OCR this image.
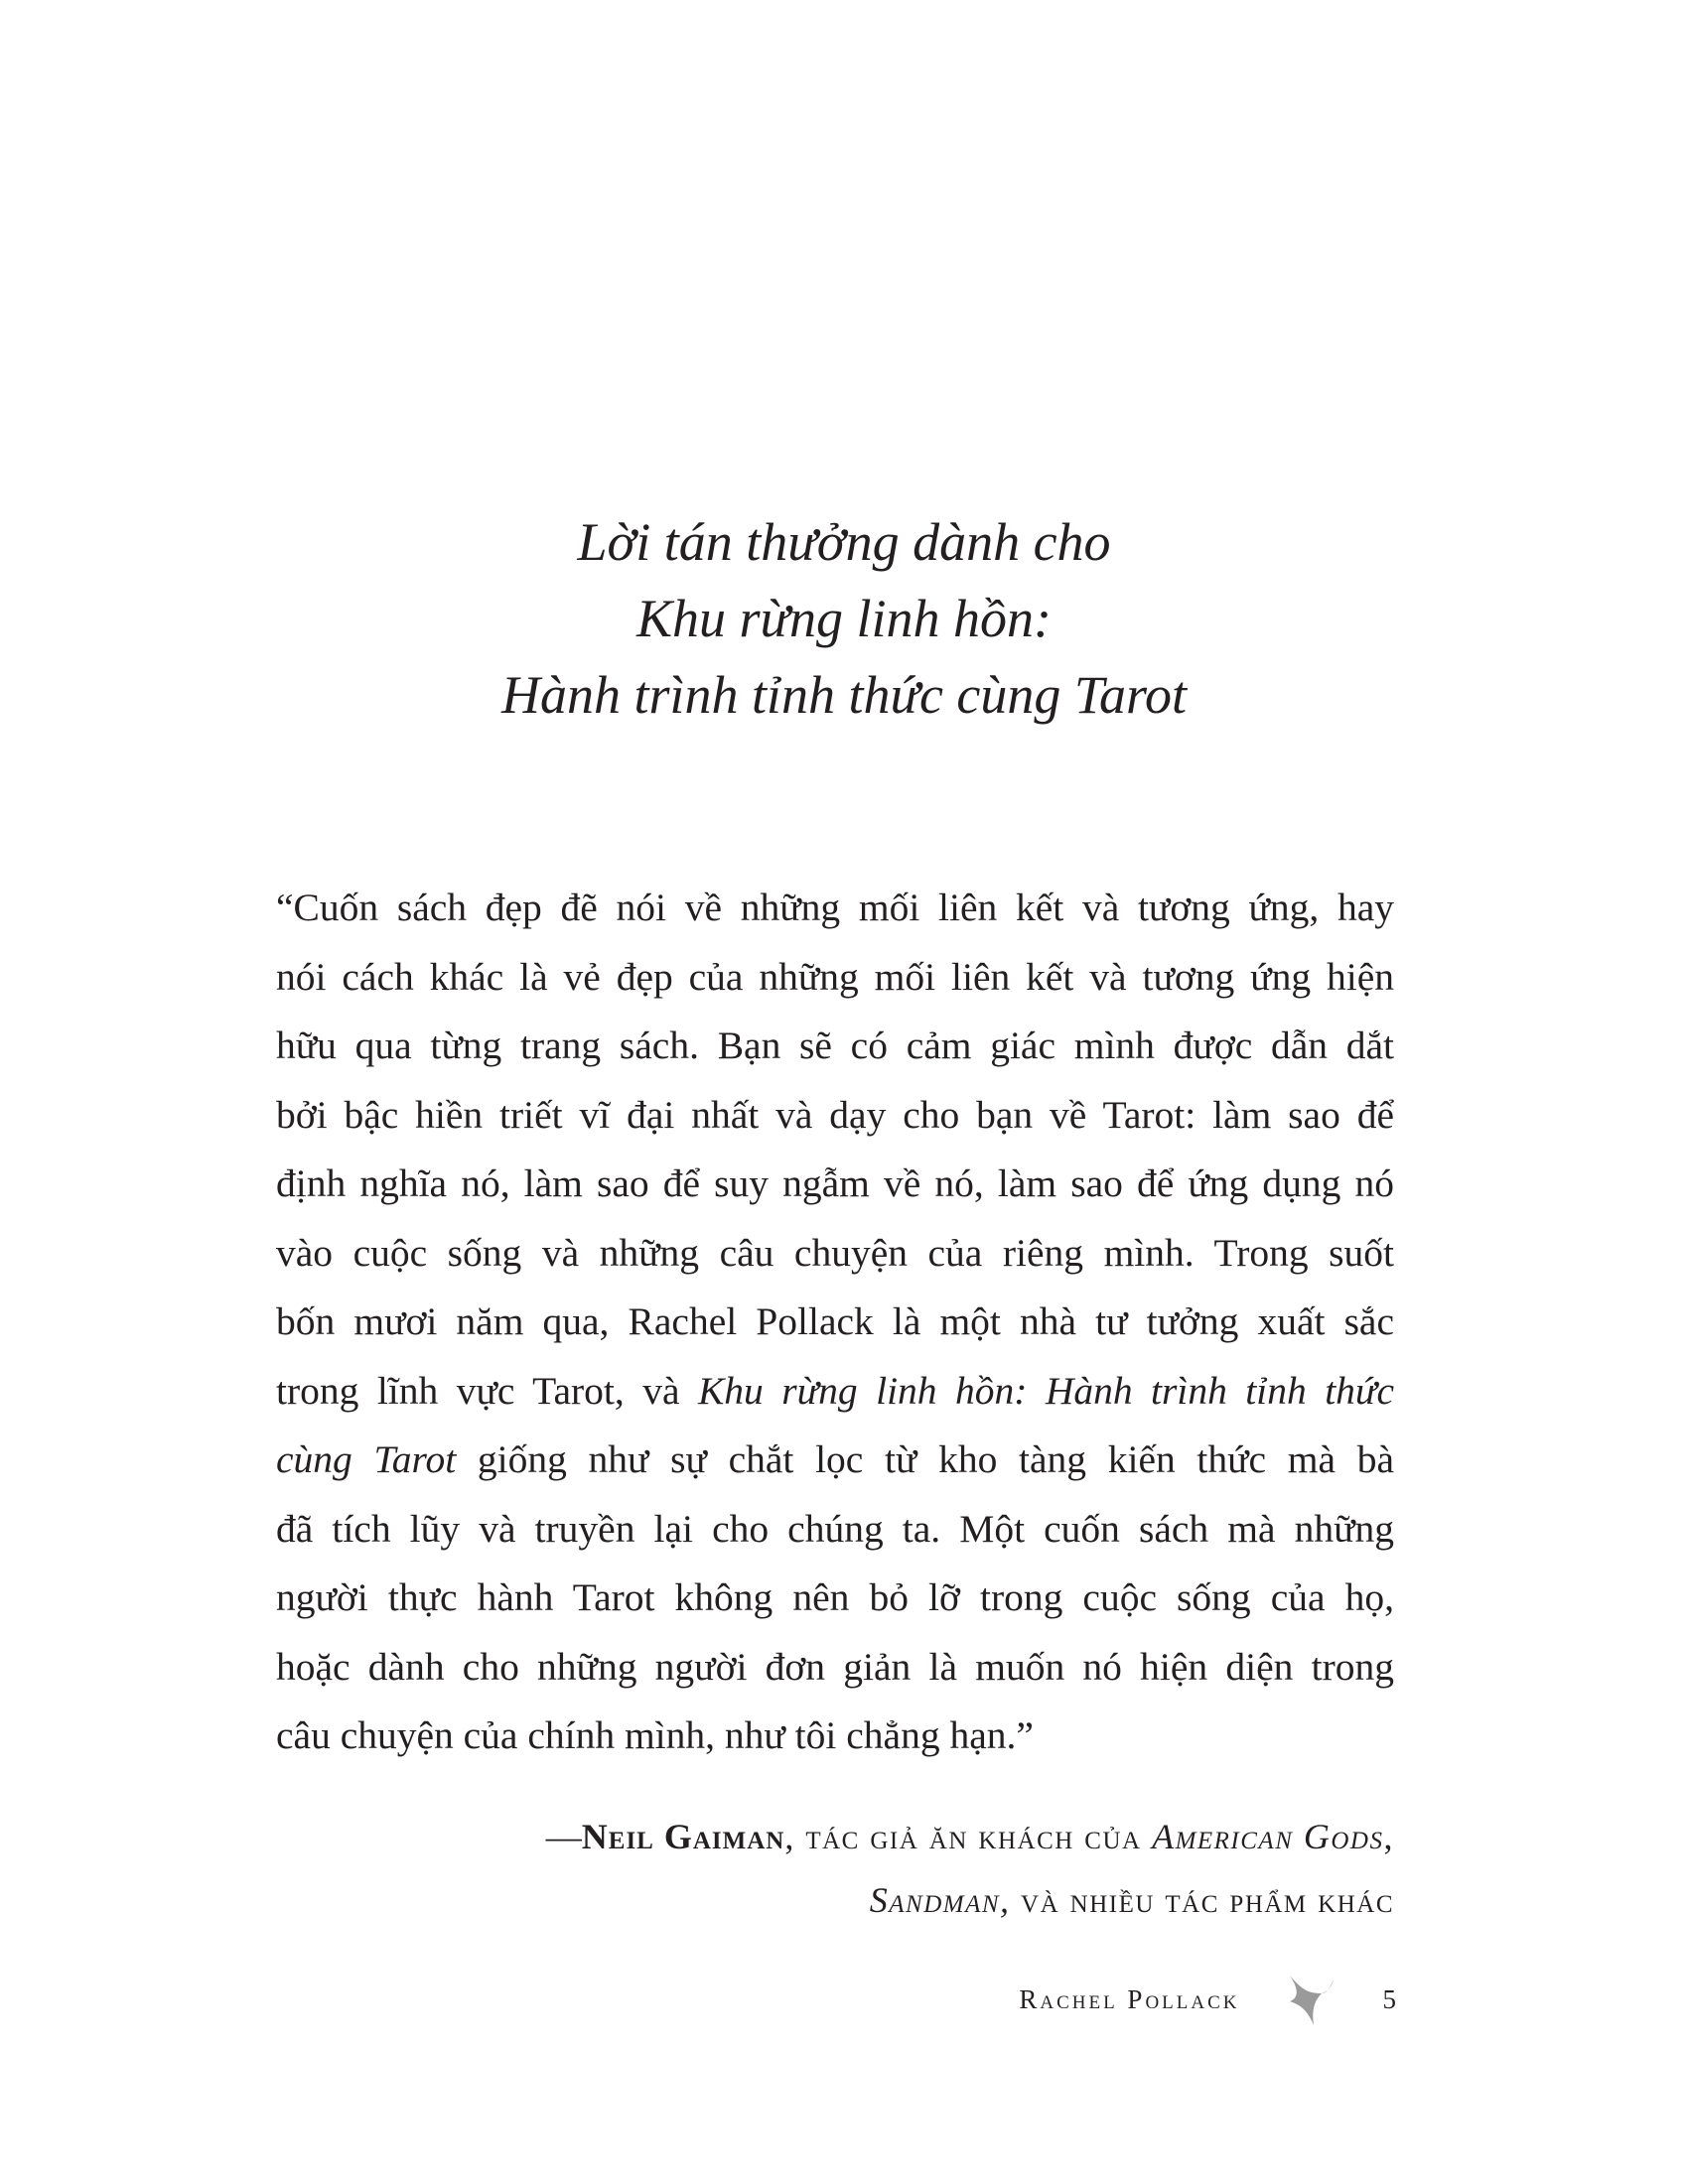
Lời tán thưởng dành cho
Khu rừng linh hồn:
Hành trình tỉnh thức cùng Tarot
“Cuốn sách đẹp đẽ nói về những mối liên kết và tương ứng, hay
nói cách khác là vẻ đẹp của những mối liên kết và tương ứng hiện
hữu qua từng trang sách. Bạn sẽ có cảm giác mình được dẫn dắt
bởi bậc hiền triết vĩ đại nhất và dạy cho bạn về Tarot: làm sao để
định nghĩa nó, làm sao để suy ngẫm về nó, làm sao để ứng dụng nó
vào cuộc sống và những câu chuyện của riêng mình. Trong suốt
bốn mươi năm qua, Rachel Pollack là một nhà tư tưởng xuất sắc
trong lĩnh vực Tarot, và Khu rừng linh hồn: Hành trình tỉnh thức
cùng Tarot giống như sự chắt lọc từ kho tàng kiến thức mà bà
đã tích lũy và truyền lại cho chúng ta. Một cuốn sách mà những
người thực hành Tarot không nên bỏ lỡ trong cuộc sống của họ,
hoặc dành cho những người đơn giản là muốn nó hiện diện trong
câu chuyện của chính mình, như tôi chẳng hạn.”
—Neil Gaiman, tác giả ăn khách của American Gods,
Sandman, và nhiều tác phẩm khác
Rachel Pollack	5
